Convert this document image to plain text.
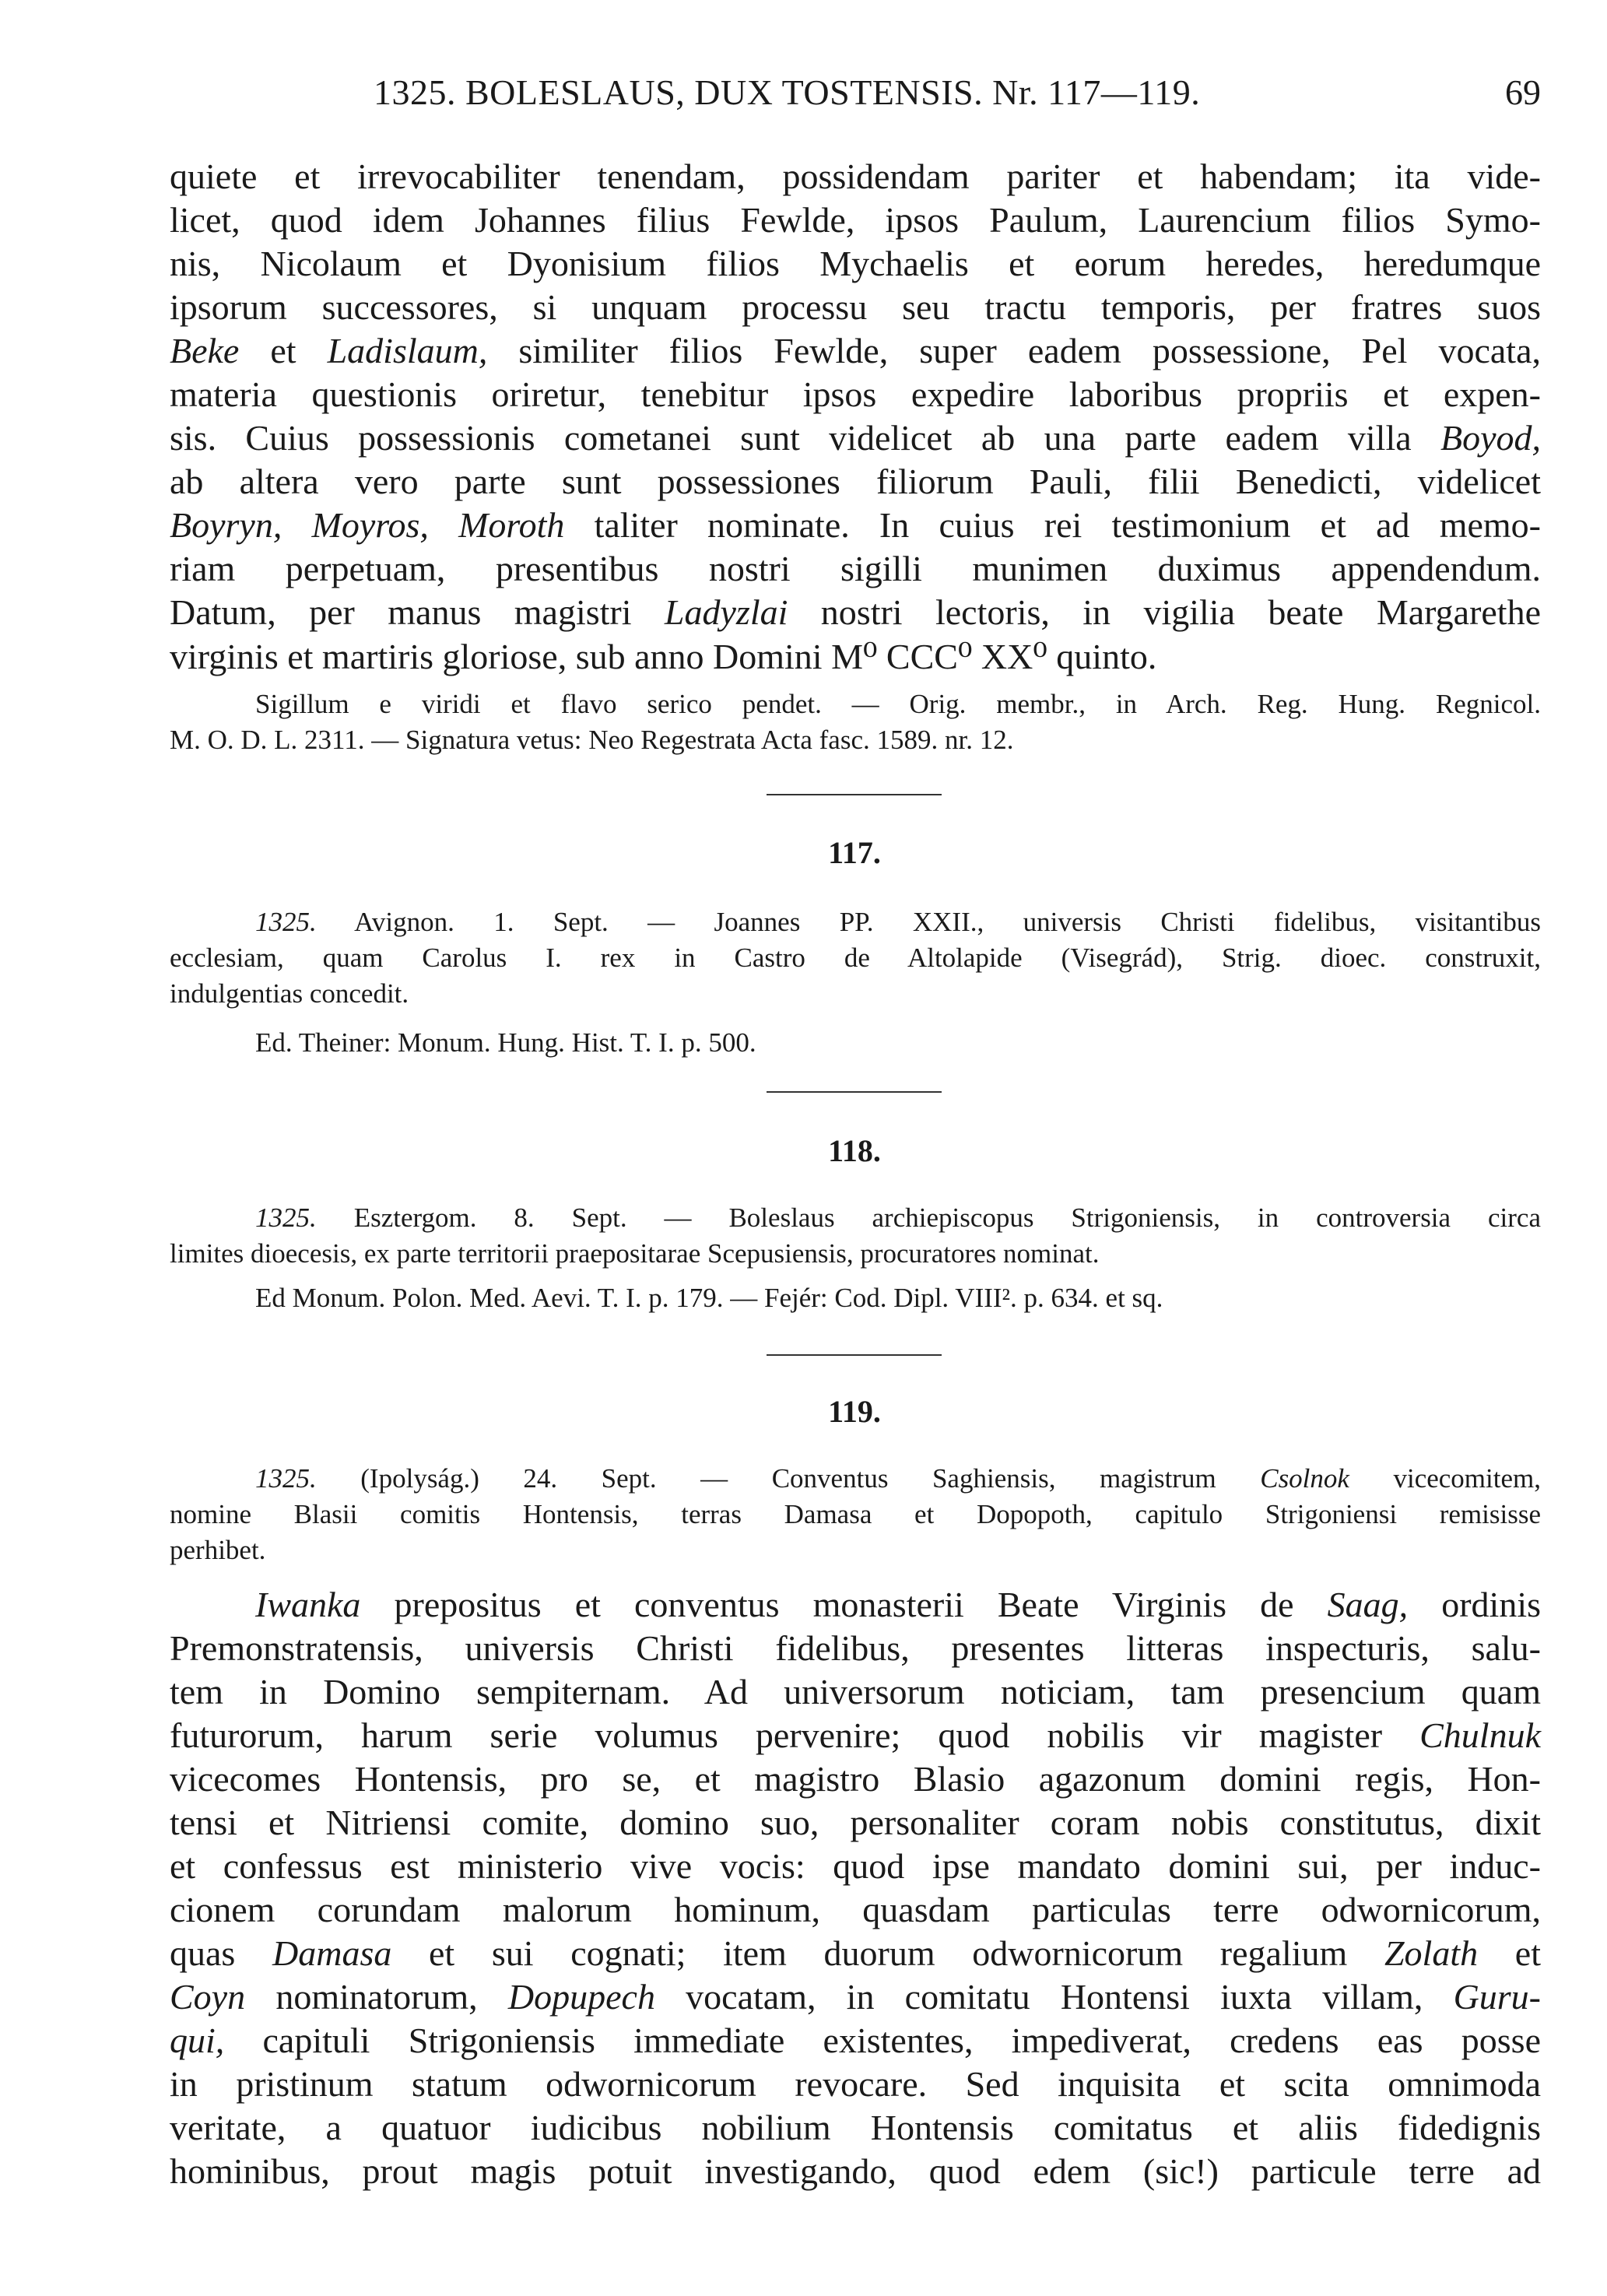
1325. BOLESLAUS, DUX TOSTENSIS. Nr. 117—119.	69
quiete et irrevocabiliter tenendam, possidendam pariter et habendam; ita vide-
licet, quod idem Johannes filius Fewlde, ipsos Paulum, Laurencium filios Symo-
nis, Nicolaum et Dyonisium filios Mychaelis et eorum heredes, heredumque
ipsorum successores, si unquam processu seu tractu temporis, per fratres suos
Beke et Ladislaum, similiter filios Fewlde, super eadem possessione, Pel vocata,
materia questionis oriretur, tenebitur ipsos expedire laboribus propriis et expen-
sis. Cuius possessionis cometanei sunt videlicet ab una parte eadem villa Boyod,
ab altera vero parte sunt possessiones filiorum Pauli, filii Benedicti, videlicet
Boyryn, Moyros, Moroth taliter nominate. In cuius rei testimonium et ad memo-
riam perpetuam, presentibus nostri sigilli munimen duximus appendendum.
Datum, per manus magistri Ladyzlai nostri lectoris, in vigilia beate Margarethe
virginis et martiris gloriose, sub anno Domini M⁰ CCC⁰ XX⁰ quinto.
Sigillum e viridi et flavo serico pendet. — Orig. membr., in Arch. Reg. Hung. Regnicol.
M. O. D. L. 2311. — Signatura vetus: Neo Regestrata Acta fasc. 1589. nr. 12.
117.
1325. Avignon. 1. Sept. — Joannes PP. XXII., universis Christi fidelibus, visitantibus
ecclesiam, quam Carolus I. rex in Castro de Altolapide (Visegrád), Strig. dioec. construxit,
indulgentias concedit.
Ed. Theiner: Monum. Hung. Hist. T. I. p. 500.
118.
1325. Esztergom. 8. Sept. — Boleslaus archiepiscopus Strigoniensis, in controversia circa
limites dioecesis, ex parte territorii praepositarae Scepusiensis, procuratores nominat.
Ed Monum. Polon. Med. Aevi. T. I. p. 179. — Fejér: Cod. Dipl. VIII². p. 634. et sq.
119.
1325. (Ipolyság.) 24. Sept. — Conventus Saghiensis, magistrum Csolnok vicecomitem,
nomine Blasii comitis Hontensis, terras Damasa et Dopopoth, capitulo Strigoniensi remisisse
perhibet.
Iwanka prepositus et conventus monasterii Beate Virginis de Saag, ordinis
Premonstratensis, universis Christi fidelibus, presentes litteras inspecturis, salu-
tem in Domino sempiternam. Ad universorum noticiam, tam presencium quam
futurorum, harum serie volumus pervenire; quod nobilis vir magister Chulnuk
vicecomes Hontensis, pro se, et magistro Blasio agazonum domini regis, Hon-
tensi et Nitriensi comite, domino suo, personaliter coram nobis constitutus, dixit
et confessus est ministerio vive vocis: quod ipse mandato domini sui, per induc-
cionem corundam malorum hominum, quasdam particulas terre odwornicorum,
quas Damasa et sui cognati; item duorum odwornicorum regalium Zolath et
Coyn nominatorum, Dopupech vocatam, in comitatu Hontensi iuxta villam, Guru-
qui, capituli Strigoniensis immediate existentes, impediverat, credens eas posse
in pristinum statum odwornicorum revocare. Sed inquisita et scita omnimoda
veritate, a quatuor iudicibus nobilium Hontensis comitatus et aliis fidedignis
hominibus, prout magis potuit investigando, quod edem (sic!) particule terre ad
